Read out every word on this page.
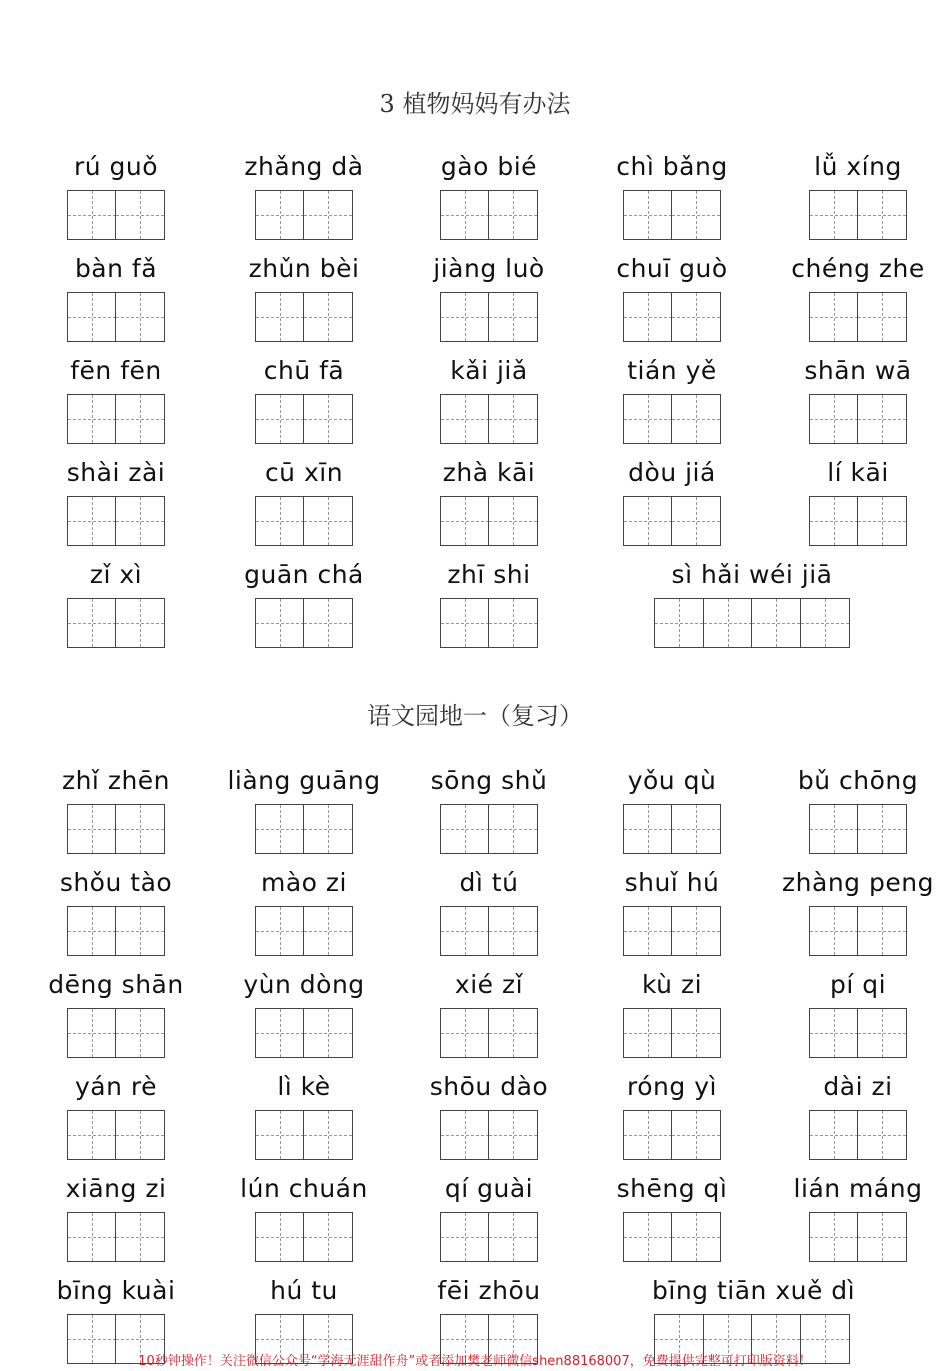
3 植物妈妈有办法
rú guǒ	zhǎng dà	gào bié	chì bǎng	lǚ xíng
bàn fǎ	zhǔn bèi	jiàng luò	chuī guò	chéng zhe
fēn fēn	chū fā	kǎi jiǎ	tián yě	shān wā
shài zài	cū xīn	zhà kāi	dòu jiá	lí kāi
zǐ xì	guān chá	zhī shi	sì hǎi wéi jiā
语文园地一（复习）
zhǐ zhēn	liàng guāng	sōng shǔ	yǒu qù	bǔ chōng
shǒu tào	mào zi	dì tú	shuǐ hú	zhàng peng
dēng shān	yùn dòng	xié zǐ	kù zi	pí qi
yán rè	lì kè	shōu dào	róng yì	dài zi
xiāng zi	lún chuán	qí guài	shēng qì	lián máng
bīng kuài	hú tu	fēi zhōu	bīng tiān xuě dì
10秒钟操作！关注微信公众号“学海无涯甜作舟”或者添加樊老师微信shen88168007，免费提供完整可打印版资料！
